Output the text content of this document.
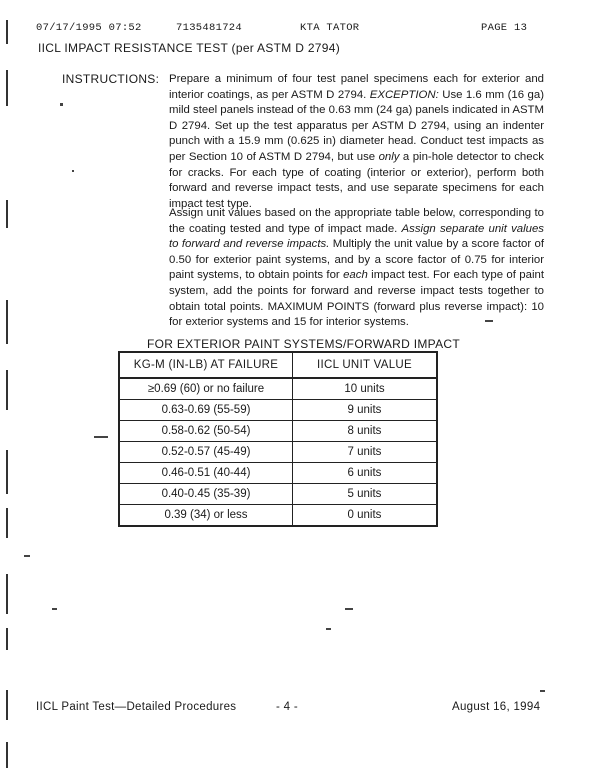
07/17/1995 07:52	7135481724	KTA TATOR	PAGE 13
IICL IMPACT RESISTANCE TEST (per ASTM D 2794)
INSTRUCTIONS: Prepare a minimum of four test panel specimens each for exterior and interior coatings, as per ASTM D 2794. EXCEPTION: Use 1.6 mm (16 ga) mild steel panels instead of the 0.63 mm (24 ga) panels indicated in ASTM D 2794. Set up the test apparatus per ASTM D 2794, using an indenter punch with a 15.9 mm (0.625 in) diameter head. Conduct test impacts as per Section 10 of ASTM D 2794, but use only a pin-hole detector to check for cracks. For each type of coating (interior or exterior), perform both forward and reverse impact tests, and use separate specimens for each impact test type.
Assign unit values based on the appropriate table below, corresponding to the coating tested and type of impact made. Assign separate unit values to forward and reverse impacts. Multiply the unit value by a score factor of 0.50 for exterior paint systems, and by a score factor of 0.75 for interior paint systems, to obtain points for each impact test. For each type of paint system, add the points for forward and reverse impact tests together to obtain total points. MAXIMUM POINTS (forward plus reverse impact): 10 for exterior systems and 15 for interior systems.
FOR EXTERIOR PAINT SYSTEMS/FORWARD IMPACT
KG-M (IN-LB) AT FAILURE	IICL UNIT VALUE
≥0.69 (60) or no failure	10 units
0.63-0.69 (55-59)	9 units
0.58-0.62 (50-54)	8 units
0.52-0.57 (45-49)	7 units
0.46-0.51 (40-44)	6 units
0.40-0.45 (35-39)	5 units
0.39 (34) or less	0 units
IICL Paint Test—Detailed Procedures	- 4 -	August 16, 1994
